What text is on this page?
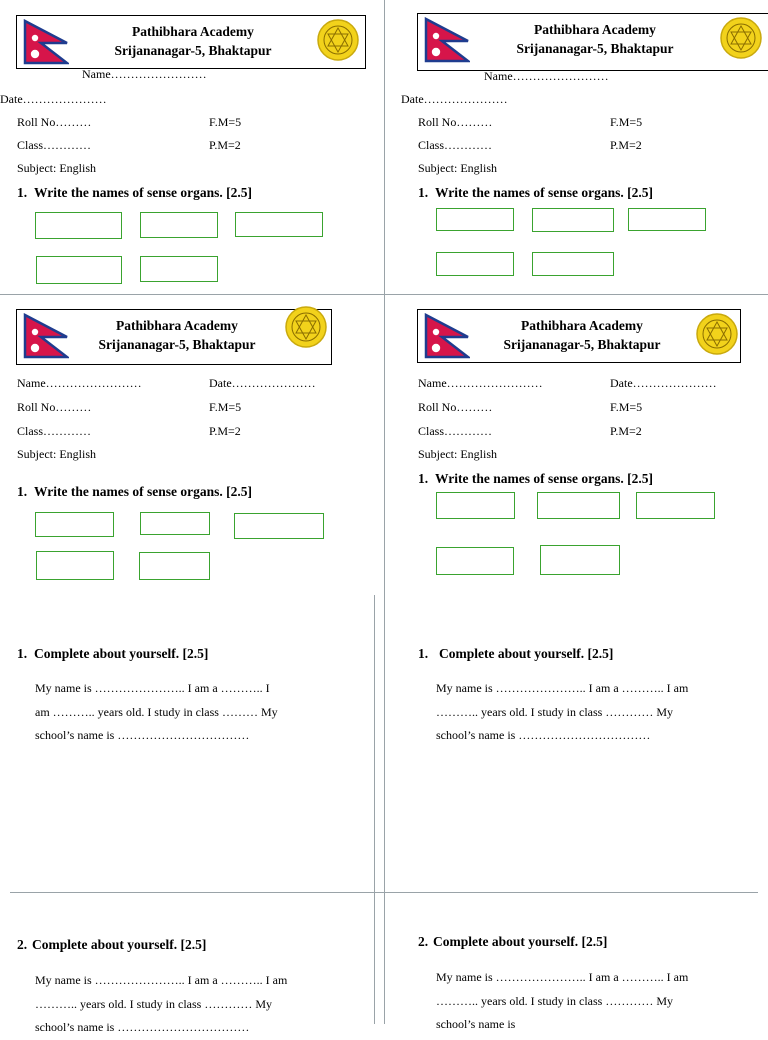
Pathibhara Academy
Srijananagar-5, Bhaktapur
Name……………………
Date…………………
Roll No………	F.M=5
Class…………	P.M=2
Subject: English
1. Write the names of sense organs. [2.5]
Pathibhara Academy
Srijananagar-5, Bhaktapur
Name……………………
Date…………………
Roll No………	F.M=5
Class…………	P.M=2
Subject: English
1. Write the names of sense organs. [2.5]
Pathibhara Academy
Srijananagar-5, Bhaktapur
Name……………………	Date…………………
Roll No………	F.M=5
Class…………	P.M=2
Subject: English
1. Write the names of sense organs. [2.5]
1. Complete about yourself. [2.5]
My name is ………………….. I am a ……….. I
am ……….. years old. I study in class ……… My
school’s name is ……………………………
2. Complete about yourself. [2.5]
My name is ………………….. I am a ……….. I am
……….. years old. I study in class ………… My
school’s name is ……………………………
Pathibhara Academy
Srijananagar-5, Bhaktapur
Name……………………	Date…………………
Roll No………	F.M=5
Class…………	P.M=2
Subject: English
1. Write the names of sense organs. [2.5]
1. Complete about yourself. [2.5]
My name is ………………….. I am a ……….. I am
……….. years old. I study in class ………… My
school’s name is ……………………………
2. Complete about yourself. [2.5]
My name is ………………….. I am a ……….. I am
……….. years old. I study in class ………… My
school’s name is
